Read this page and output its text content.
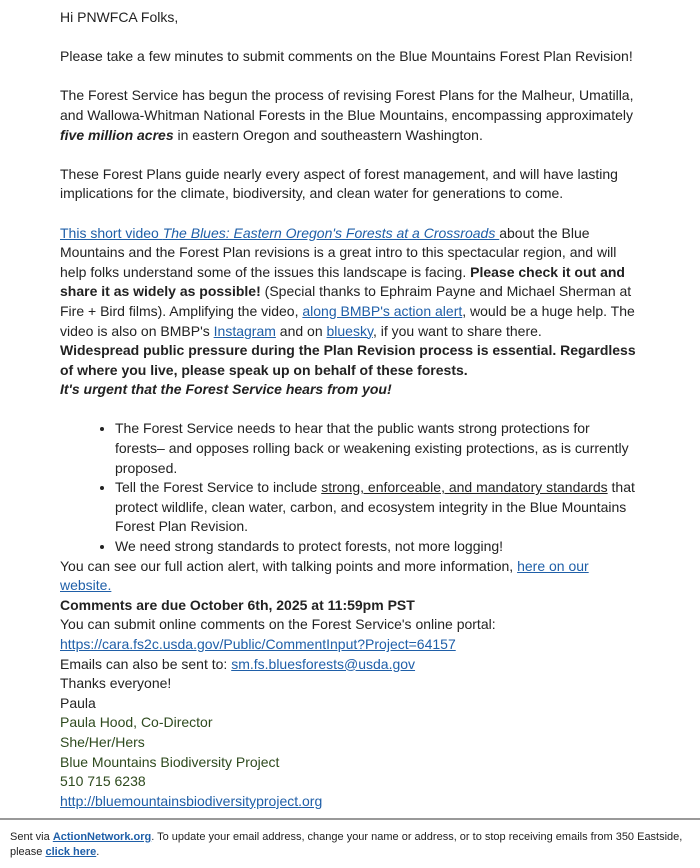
Hi PNWFCA Folks,

Please take a few minutes to submit comments on the Blue Mountains Forest Plan Revision!

The Forest Service has begun the process of revising Forest Plans for the Malheur, Umatilla, and Wallowa-Whitman National Forests in the Blue Mountains, encompassing approximately five million acres in eastern Oregon and southeastern Washington.

These Forest Plans guide nearly every aspect of forest management, and will have lasting implications for the climate, biodiversity, and clean water for generations to come.

This short video The Blues: Eastern Oregon's Forests at a Crossroads about the Blue Mountains and the Forest Plan revisions is a great intro to this spectacular region, and will help folks understand some of the issues this landscape is facing. Please check it out and share it as widely as possible! (Special thanks to Ephraim Payne and Michael Sherman at Fire + Bird films). Amplifying the video, along BMBP's action alert, would be a huge help. The video is also on BMBP's Instagram and on bluesky, if you want to share there.
Widespread public pressure during the Plan Revision process is essential. Regardless of where you live, please speak up on behalf of these forests.
It's urgent that the Forest Service hears from you!
• The Forest Service needs to hear that the public wants strong protections for forests– and opposes rolling back or weakening existing protections, as is currently proposed.
• Tell the Forest Service to include strong, enforceable, and mandatory standards that protect wildlife, clean water, carbon, and ecosystem integrity in the Blue Mountains Forest Plan Revision.
• We need strong standards to protect forests, not more logging!
You can see our full action alert, with talking points and more information, here on our website.
Comments are due October 6th, 2025 at 11:59pm PST
You can submit online comments on the Forest Service's online portal: https://cara.fs2c.usda.gov/Public/CommentInput?Project=64157
Emails can also be sent to: sm.fs.bluesforests@usda.gov
Thanks everyone!
Paula
Paula Hood, Co-Director
She/Her/Hers
Blue Mountains Biodiversity Project
510 715 6238
http://bluemountainsbiodiversityproject.org
Sent via ActionNetwork.org. To update your email address, change your name or address, or to stop receiving emails from 350 Eastside, please click here.
